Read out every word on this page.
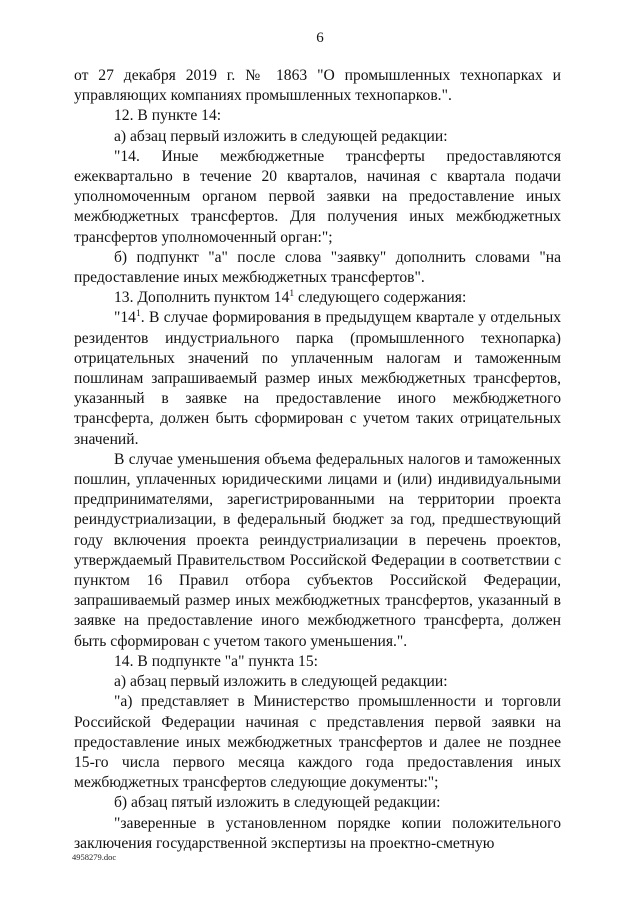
6

от 27 декабря 2019 г. № 1863 "О промышленных технопарках и управляющих компаниях промышленных технопарков.".

12. В пункте 14:

а) абзац первый изложить в следующей редакции:

"14. Иные межбюджетные трансферты предоставляются ежеквартально в течение 20 кварталов, начиная с квартала подачи уполномоченным органом первой заявки на предоставление иных межбюджетных трансфертов. Для получения иных межбюджетных трансфертов уполномоченный орган:";

б) подпункт "а" после слова "заявку" дополнить словами "на предоставление иных межбюджетных трансфертов".

13. Дополнить пунктом $14^1$ следующего содержания:

"$14^1$. В случае формирования в предыдущем квартале у отдельных резидентов индустриального парка (промышленного технопарка) отрицательных значений по уплаченным налогам и таможенным пошлинам запрашиваемый размер иных межбюджетных трансфертов, указанный в заявке на предоставление иного межбюджетного трансферта, должен быть сформирован с учетом таких отрицательных значений.

В случае уменьшения объема федеральных налогов и таможенных пошлин, уплаченных юридическими лицами и (или) индивидуальными предпринимателями, зарегистрированными на территории проекта реиндустриализации, в федеральный бюджет за год, предшествующий году включения проекта реиндустриализации в перечень проектов, утверждаемый Правительством Российской Федерации в соответствии с пунктом 16 Правил отбора субъектов Российской Федерации, запрашиваемый размер иных межбюджетных трансфертов, указанный в заявке на предоставление иного межбюджетного трансферта, должен быть сформирован с учетом такого уменьшения.".

14. В подпункте "а" пункта 15:

а) абзац первый изложить в следующей редакции:

"а) представляет в Министерство промышленности и торговли Российской Федерации начиная с представления первой заявки на предоставление иных межбюджетных трансфертов и далее не позднее 15-го числа первого месяца каждого года предоставления иных межбюджетных трансфертов следующие документы:";

б) абзац пятый изложить в следующей редакции:

"заверенные в установленном порядке копии положительного заключения государственной экспертизы на проектно-сметную

4958279.doc
